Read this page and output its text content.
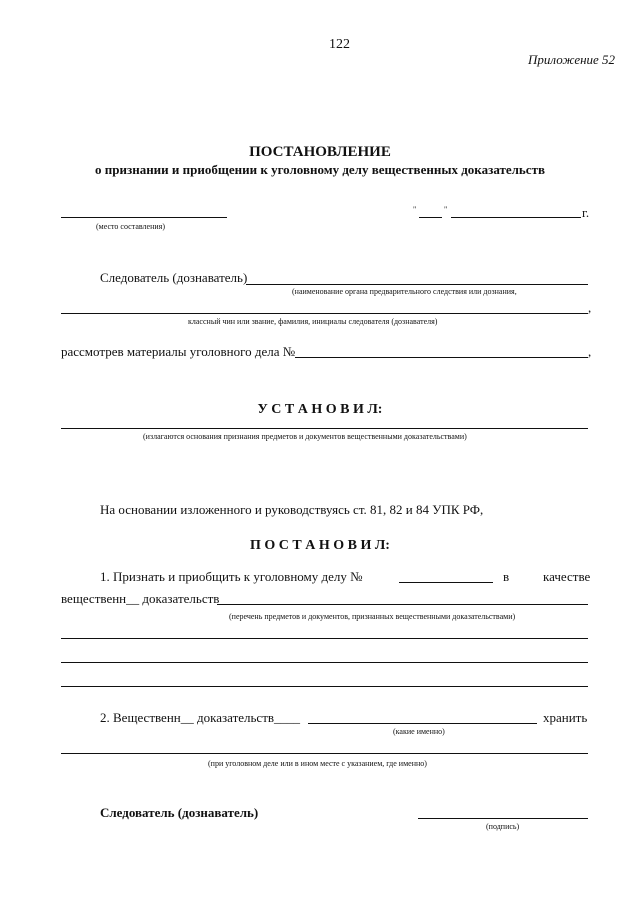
122
Приложение 52
ПОСТАНОВЛЕНИЕ
о признании и приобщении к уголовному делу вещественных доказательств
(место составления)
"	"	г.
Следователь (дознаватель)
(наименование органа предварительного следствия или дознания,
,
классный чин или звание, фамилия, инициалы следователя (дознавателя)
рассмотрев материалы уголовного дела №	,
У С Т А Н О В И Л:
(излагаются основания признания предметов и документов вещественными доказательствами)
На основании изложенного и руководствуясь ст. 81, 82 и 84 УПК РФ,
П О С Т А Н О В И Л:
1. Признать и приобщить к уголовному делу №	в	качестве
вещественн__ доказательств
(перечень предметов и документов, признанных вещественными доказательствами)
2. Вещественн__ доказательств____	хранить
(какие именно)
(при уголовном деле или в ином месте с указанием, где именно)
Следователь (дознаватель)
(подпись)
